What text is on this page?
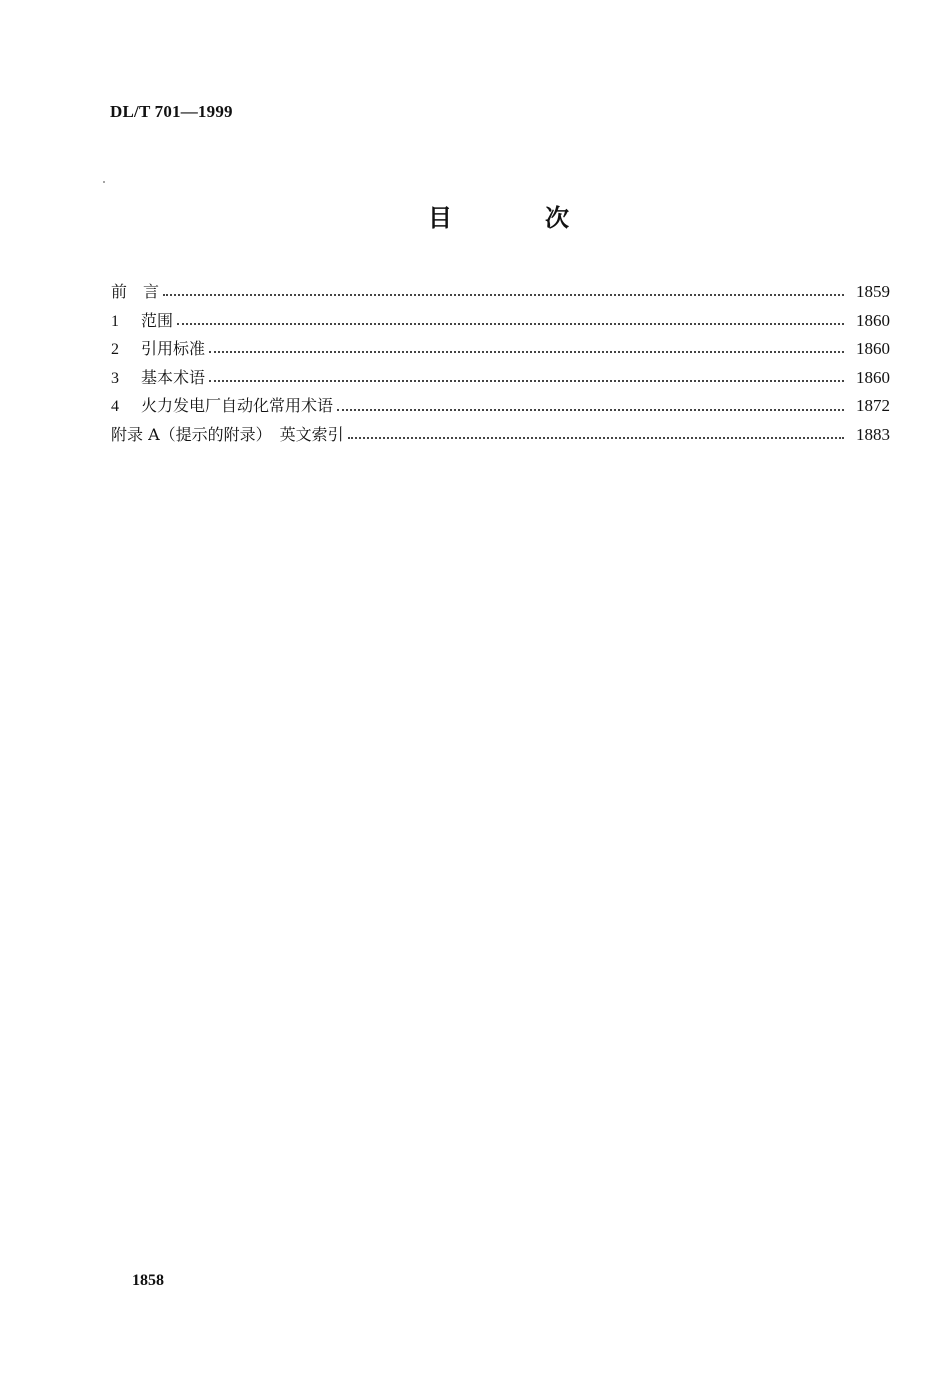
DL/T 701—1999
目	次
前　言	1859
1	范围	1860
2	引用标准	1860
3	基本术语	1860
4	火力发电厂自动化常用术语	1872
附录 A（提示的附录）　英文索引	1883
1858
